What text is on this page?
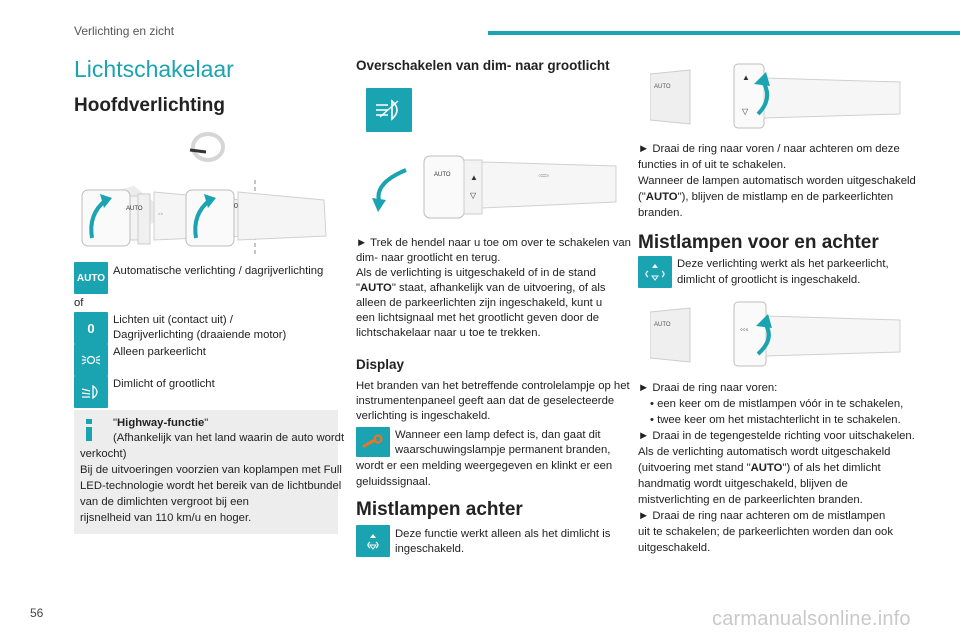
Verlichting en zicht
56	carmanualsonline.info
Lichtschakelaar
Hoofdverlichting
AUTO
◦◦
0
AUTO
Automatische verlichting / dagrijverlichting
of
0
Lichten uit (contact uit) /
Dagrijverlichting (draaiende motor)
Alleen parkeerlicht
Dimlicht of grootlicht
"Highway-functie"
(Afhankelijk van het land waarin de auto wordt
verkocht)
Bij de uitvoeringen voorzien van koplampen met Full
LED-technologie wordt het bereik van de lichtbundel
van de dimlichten vergroot bij een
rijsnelheid van 110 km/u en hoger.
Overschakelen van dim- naar grootlicht
AUTO ▲
▽
◦═◦
► Trek de hendel naar u toe om over te schakelen van
dim- naar grootlicht en terug.
Als de verlichting is uitgeschakeld of in de stand
"AUTO" staat, afhankelijk van de uitvoering, of als
alleen de parkeerlichten zijn ingeschakeld, kunt u
een lichtsignaal met het grootlicht geven door de
lichtschakelaar naar u toe te trekken.
Display
Het branden van het betreffende controlelampje op het
instrumentenpaneel geeft aan dat de geselecteerde
verlichting is ingeschakeld.
Wanneer een lamp defect is, dan gaat dit
waarschuwingslampje permanent branden,
wordt er een melding weergegeven en klinkt er een
geluidssignaal.
Mistlampen achter
Deze functie werkt alleen als het dimlicht is
ingeschakeld.
AUTO
▲
▽
► Draai de ring naar voren / naar achteren om deze
functies in of uit te schakelen.
Wanneer de lampen automatisch worden uitgeschakeld
("AUTO"), blijven de mistlamp en de parkeerlichten
branden.
Mistlampen voor en achter
Deze verlichting werkt als het parkeerlicht,
dimlicht of grootlicht is ingeschakeld.
AUTO	◦◦◦
► Draai de ring naar voren:
• een keer om de mistlampen vóór in te schakelen,
• twee keer om het mistachterlicht in te schakelen.
► Draai in de tegengestelde richting voor uitschakelen.
Als de verlichting automatisch wordt uitgeschakeld
(uitvoering met stand "AUTO") of als het dimlicht
handmatig wordt uitgeschakeld, blijven de
mistverlichting en de parkeerlichten branden.
► Draai de ring naar achteren om de mistlampen
uit te schakelen; de parkeerlichten worden dan ook
uitgeschakeld.
